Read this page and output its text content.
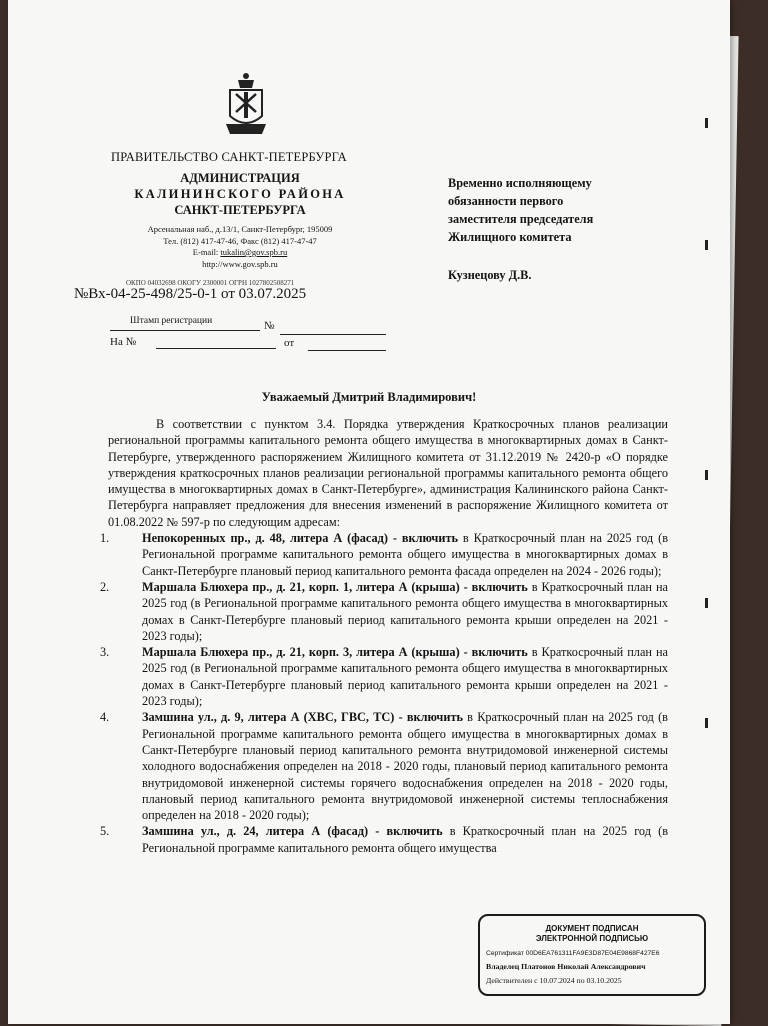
ПРАВИТЕЛЬСТВО САНКТ-ПЕТЕРБУРГА
АДМИНИСТРАЦИЯ
КАЛИНИНСКОГО РАЙОНА
САНКТ-ПЕТЕРБУРГА
Арсенальная наб., д.13/1, Санкт-Петербург, 195009
Тел. (812) 417-47-46, Факс (812) 417-47-47
E-mail: tukalin@gov.spb.ru
http://www.gov.spb.ru
ОКПО 04032698 ОКОГУ 2300001 ОГРН 1027802508271
№Вх-04-25-498/25-0-1 от 03.07.2025
Штамп регистрации	№
На №	от
Временно исполняющему
обязанности первого
заместителя председателя
Жилищного комитета
Кузнецову Д.В.
Уважаемый Дмитрий Владимирович!

В соответствии с пунктом 3.4. Порядка утверждения Краткосрочных планов реализации региональной программы капитального ремонта общего имущества в многоквартирных домах в Санкт-Петербурге, утвержденного распоряжением Жилищного комитета от 31.12.2019 № 2420-р «О порядке утверждения краткосрочных планов реализации региональной программы капитального ремонта общего имущества в многоквартирных домах в Санкт-Петербурге», администрация Калининского района Санкт-Петербурга направляет предложения для внесения изменений в распоряжение Жилищного комитета от 01.08.2022 № 597-р по следующим адресам:

1.	Непокоренных пр., д. 48, литера А (фасад) - включить в Краткосрочный план на 2025 год (в Региональной программе капитального ремонта общего имущества в многоквартирных домах в Санкт-Петербурге плановый период капитального ремонта фасада определен на 2024 - 2026 годы);
2.	Маршала Блюхера пр., д. 21, корп. 1, литера А (крыша) - включить в Краткосрочный план на 2025 год (в Региональной программе капитального ремонта общего имущества в многоквартирных домах в Санкт-Петербурге плановый период капитального ремонта крыши определен на 2021 - 2023 годы);
3.	Маршала Блюхера пр., д. 21, корп. 3, литера А (крыша) - включить в Краткосрочный план на 2025 год (в Региональной программе капитального ремонта общего имущества в многоквартирных домах в Санкт-Петербурге плановый период капитального ремонта крыши определен на 2021 - 2023 годы);
4.	Замшина ул., д. 9, литера А (ХВС, ГВС, ТС) - включить в Краткосрочный план на 2025 год (в Региональной программе капитального ремонта общего имущества в многоквартирных домах в Санкт-Петербурге плановый период капитального ремонта внутридомовой инженерной системы холодного водоснабжения определен на 2018 - 2020 годы, плановый период капитального ремонта внутридомовой инженерной системы горячего водоснабжения определен на 2018 - 2020 годы, плановый период капитального ремонта внутридомовой инженерной системы теплоснабжения определен на 2018 - 2020 годы);
5.	Замшина ул., д. 24, литера А (фасад) - включить в Краткосрочный план на 2025 год (в Региональной программе капитального ремонта общего имущества
ДОКУМЕНТ ПОДПИСАН
ЭЛЕКТРОННОЙ ПОДПИСЬЮ
Сертификат 00D6EA761311FA9E3D87E04E9868F427E6
Владелец Платонов Николай Александрович
Действителен с 10.07.2024 по 03.10.2025
